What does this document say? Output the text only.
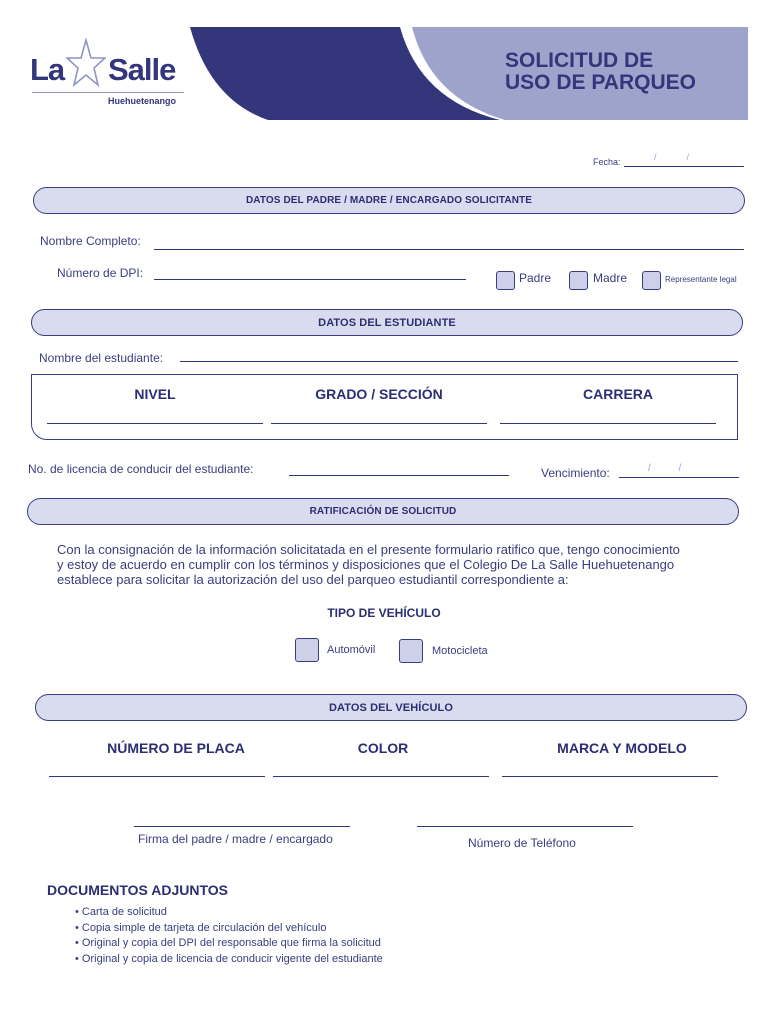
La Salle
Huehuetenango
SOLICITUD DE
USO DE PARQUEO
Fecha:	/            /
DATOS DEL PADRE / MADRE / ENCARGADO SOLICITANTE
Nombre Completo:
Número de DPI:	Padre	Madre	Representante legal
DATOS DEL ESTUDIANTE
Nombre del estudiante:
NIVEL	GRADO / SECCIÓN	CARRERA
No. de licencia de conducir del estudiante:	Vencimiento:	/          /
RATIFICACIÓN DE SOLICITUD
Con la consignación de la información solicitatada en el presente formulario ratifico que, tengo conocimiento
y estoy de acuerdo en cumplir con los términos y disposiciones que el Colegio De La Salle Huehuetenango
establece para solicitar la autorización del uso del parqueo estudiantil correspondiente a:
TIPO DE VEHÍCULO
Automóvil	Motocicleta
DATOS DEL VEHÍCULO
NÚMERO DE PLACA	COLOR	MARCA Y MODELO
Firma del padre / madre / encargado	Número de Teléfono
DOCUMENTOS ADJUNTOS
• Carta de solicitud
• Copia simple de tarjeta de circulación del vehículo
• Original y copia del DPI del responsable que firma la solicitud
• Original y copia de licencia de conducir vigente del estudiante
